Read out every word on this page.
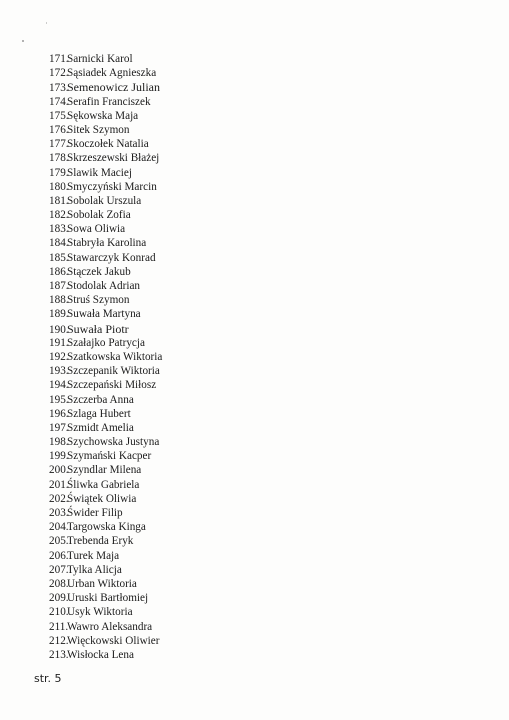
171.Sarnicki Karol
172.Sąsiadek Agnieszka
173.Semenowicz Julian
174.Serafin Franciszek
175.Sękowska Maja
176.Sitek Szymon
177.Skoczołek Natalia
178.Skrzeszewski Błażej
179.Slawik Maciej
180.Smyczyński Marcin
181.Sobolak Urszula
182.Sobolak Zofia
183.Sowa Oliwia
184.Stabryła Karolina
185.Stawarczyk Konrad
186.Stączek Jakub
187.Stodolak Adrian
188.Struś Szymon
189.Suwała Martyna
190.Suwała Piotr
191.Szałajko Patrycja
192.Szatkowska Wiktoria
193.Szczepanik Wiktoria
194.Szczepański Miłosz
195.Szczerba Anna
196.Szlaga Hubert
197.Szmidt Amelia
198.Szychowska Justyna
199.Szymański Kacper
200.Szyndlar Milena
201.Śliwka Gabriela
202.Świątek Oliwia
203.Świder Filip
204.Targowska Kinga
205.Trebenda Eryk
206.Turek Maja
207.Tylka Alicja
208.Urban Wiktoria
209.Uruski Bartłomiej
210.Usyk Wiktoria
211.Wawro Aleksandra
212.Więckowski Oliwier
213.Wisłocka Lena
str. 5
